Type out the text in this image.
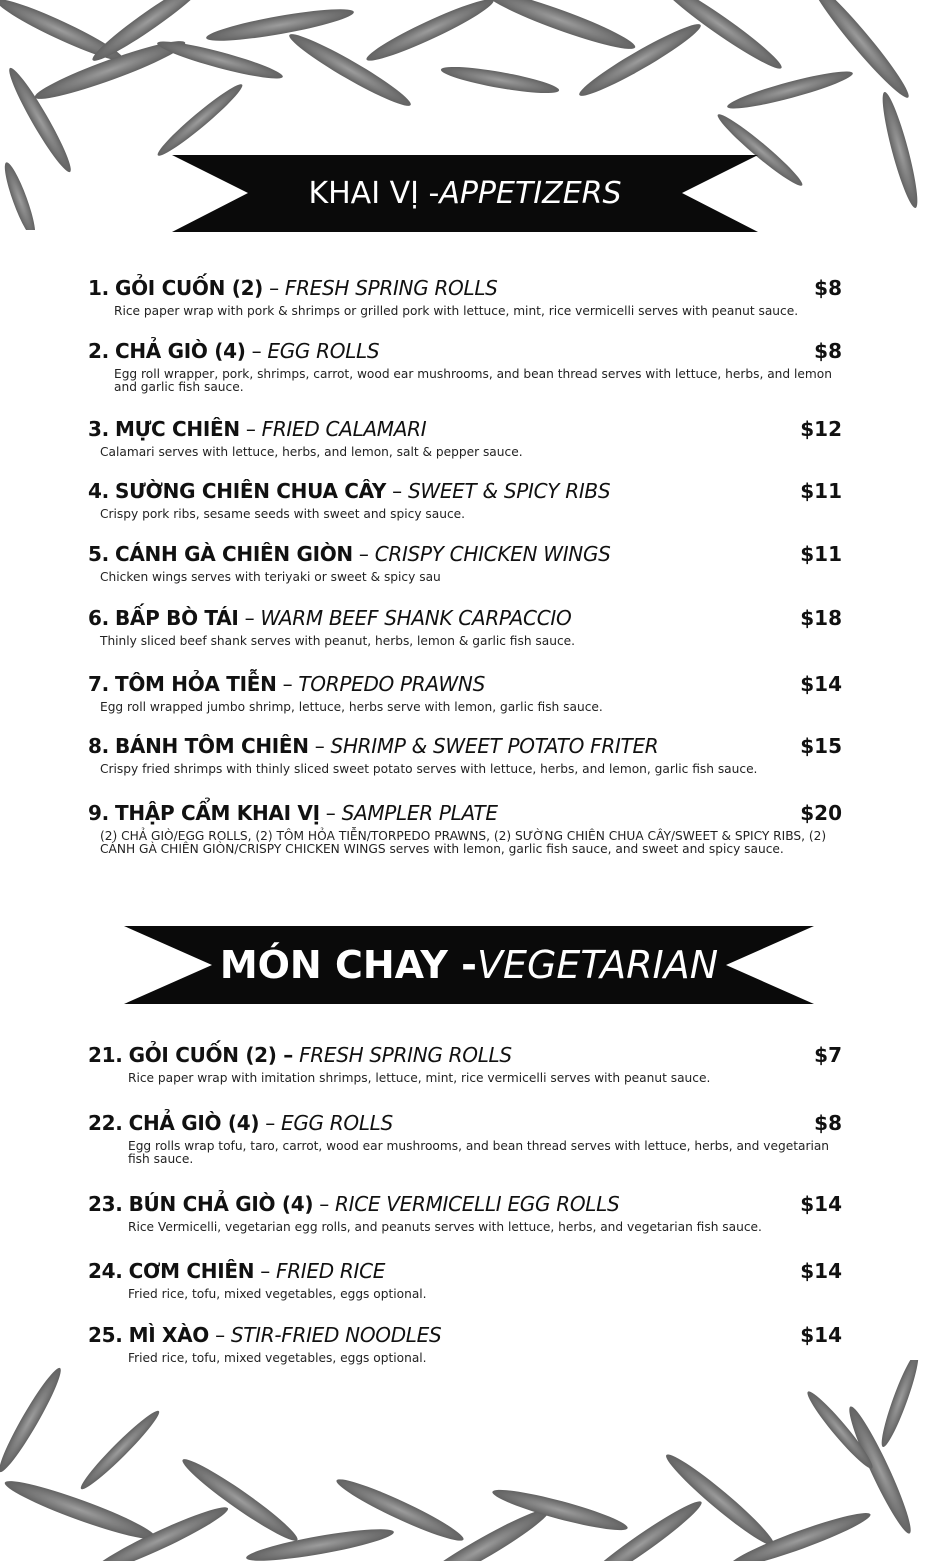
KHAI VỊ - APPETIZERS
1. GỎI CUỐN (2) – FRESH SPRING ROLLS	$8
Rice paper wrap with pork & shrimps or grilled pork with lettuce, mint, rice vermicelli serves with peanut sauce.
2. CHẢ GIÒ (4) – EGG ROLLS	$8
Egg roll wrapper, pork, shrimps, carrot, wood ear mushrooms, and bean thread serves with lettuce, herbs, and lemon and garlic fish sauce.
3. MỰC CHIÊN – FRIED CALAMARI	$12
Calamari serves with lettuce, herbs, and lemon, salt & pepper sauce.
4. SƯỜNG CHIÊN CHUA CÂY – SWEET & SPICY RIBS	$11
Crispy pork ribs, sesame seeds with sweet and spicy sauce.
5. CÁNH GÀ CHIÊN GIÒN – CRISPY CHICKEN WINGS	$11
Chicken wings serves with teriyaki or sweet & spicy sau
6. BẤP BÒ TÁI – WARM BEEF SHANK CARPACCIO	$18
Thinly sliced beef shank serves with peanut, herbs, lemon & garlic fish sauce.
7. TÔM HỎA TIỄN – TORPEDO PRAWNS	$14
Egg roll wrapped jumbo shrimp, lettuce, herbs serve with lemon, garlic fish sauce.
8. BÁNH TÔM CHIÊN – SHRIMP & SWEET POTATO FRITER	$15
Crispy fried shrimps with thinly sliced sweet potato serves with lettuce, herbs, and lemon, garlic fish sauce.
9. THẬP CẨM KHAI VỊ – SAMPLER PLATE	$20
(2) CHẢ GIÒ/EGG ROLLS, (2) TÔM HỎA TIỄN/TORPEDO PRAWNS, (2) SƯỜNG CHIÊN CHUA CÂY/SWEET & SPICY RIBS, (2) CÁNH GÀ CHIÊN GIÒN/CRISPY CHICKEN WINGS serves with lemon, garlic fish sauce, and sweet and spicy sauce.
MÓN CHAY - VEGETARIAN
21. GỎI CUỐN (2) – FRESH SPRING ROLLS	$7
Rice paper wrap with imitation shrimps, lettuce, mint, rice vermicelli serves with peanut sauce.
22. CHẢ GIÒ (4) – EGG ROLLS	$8
Egg rolls wrap tofu, taro, carrot, wood ear mushrooms, and bean thread serves with lettuce, herbs, and vegetarian fish sauce.
23. BÚN CHẢ GIÒ (4) – RICE VERMICELLI EGG ROLLS	$14
Rice Vermicelli, vegetarian egg rolls, and peanuts serves with lettuce, herbs, and vegetarian fish sauce.
24. CƠM CHIÊN – FRIED RICE	$14
Fried rice, tofu, mixed vegetables, eggs optional.
25. MÌ XÀO – STIR-FRIED NOODLES	$14
Fried rice, tofu, mixed vegetables, eggs optional.
